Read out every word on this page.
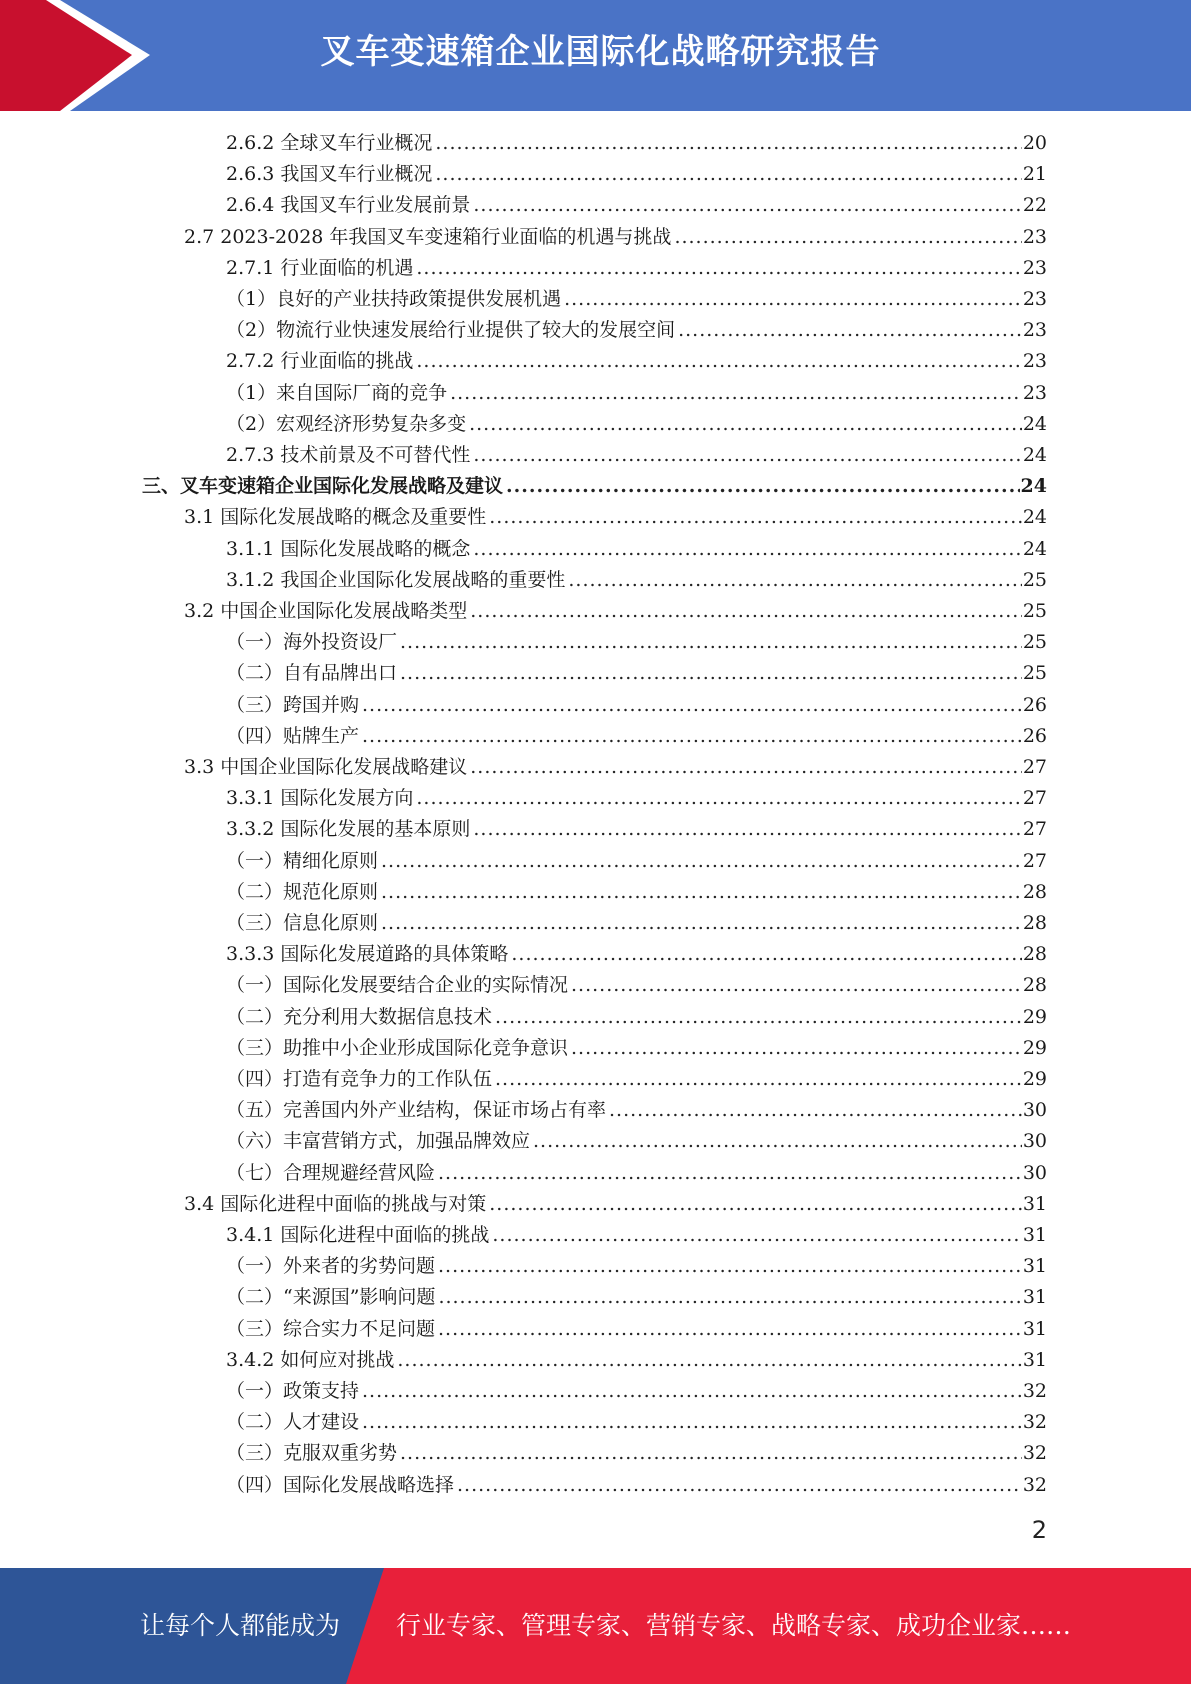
叉车变速箱企业国际化战略研究报告
2.6.2 全球叉车行业概况 .....	20
2.6.3 我国叉车行业概况 .....	21
2.6.4 我国叉车行业发展前景 .....	22
2.7 2023-2028 年我国叉车变速箱行业面临的机遇与挑战 .....	23
2.7.1 行业面临的机遇 .....	23
（1）良好的产业扶持政策提供发展机遇 .....	23
（2）物流行业快速发展给行业提供了较大的发展空间 .....	23
2.7.2 行业面临的挑战 .....	23
（1）来自国际厂商的竞争 .....	23
（2）宏观经济形势复杂多变 .....	24
2.7.3 技术前景及不可替代性 .....	24
三、叉车变速箱企业国际化发展战略及建议 .....	24
3.1 国际化发展战略的概念及重要性 .....	24
3.1.1 国际化发展战略的概念 .....	24
3.1.2 我国企业国际化发展战略的重要性 .....	25
3.2 中国企业国际化发展战略类型 .....	25
（一）海外投资设厂 .....	25
（二）自有品牌出口 .....	25
（三）跨国并购 .....	26
（四）贴牌生产 .....	26
3.3 中国企业国际化发展战略建议 .....	27
3.3.1 国际化发展方向 .....	27
3.3.2 国际化发展的基本原则 .....	27
（一）精细化原则 .....	27
（二）规范化原则 .....	28
（三）信息化原则 .....	28
3.3.3 国际化发展道路的具体策略 .....	28
（一）国际化发展要结合企业的实际情况 .....	28
（二）充分利用大数据信息技术 .....	29
（三）助推中小企业形成国际化竞争意识 .....	29
（四）打造有竞争力的工作队伍 .....	29
（五）完善国内外产业结构，保证市场占有率 .....	30
（六）丰富营销方式，加强品牌效应 .....	30
（七）合理规避经营风险 .....	30
3.4 国际化进程中面临的挑战与对策 .....	31
3.4.1 国际化进程中面临的挑战 .....	31
（一）外来者的劣势问题 .....	31
（二）“来源国”影响问题 .....	31
（三）综合实力不足问题 .....	31
3.4.2 如何应对挑战 .....	31
（一）政策支持 .....	32
（二）人才建设 .....	32
（三）克服双重劣势 .....	32
（四）国际化发展战略选择 .....	32
2
让每个人都能成为 行业专家、管理专家、营销专家、战略专家、成功企业家……
